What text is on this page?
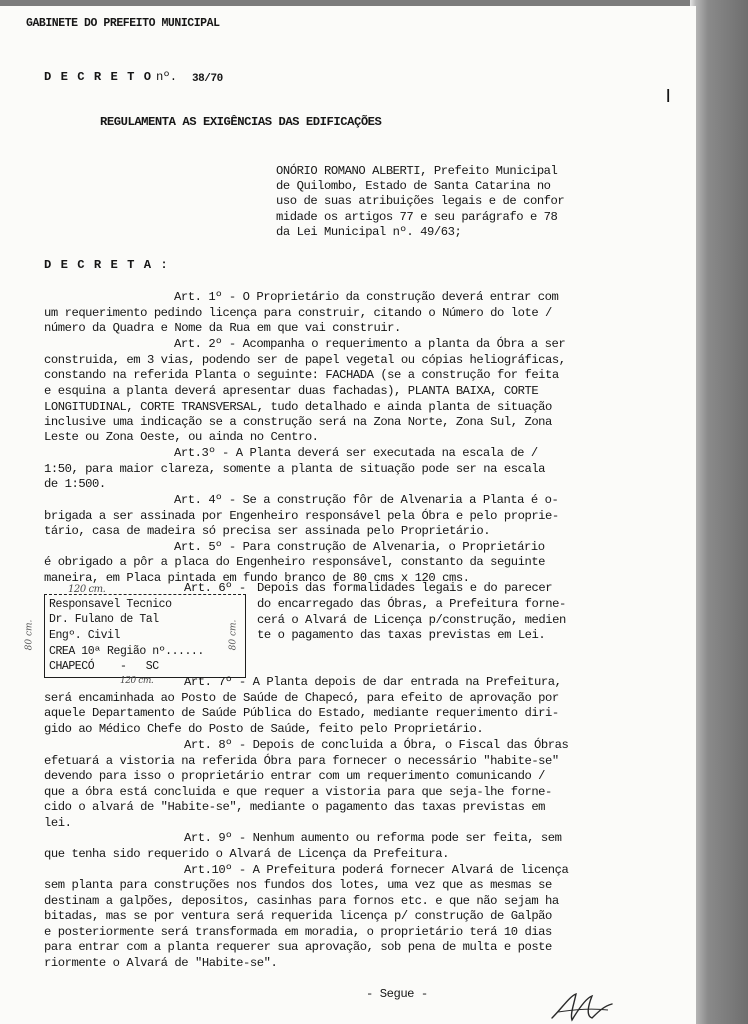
GABINETE DO PREFEITO MUNICIPAL
D E C R E T O nº. 38/70
|
REGULAMENTA AS EXIGÊNCIAS DAS EDIFICAÇÕES
ONÓRIO ROMANO ALBERTI, Prefeito Municipal
de Quilombo, Estado de Santa Catarina no
uso de suas atribuições legais e de confor
midade os artigos 77 e seu parágrafo e 78
da Lei Municipal nº. 49/63;
D E C R E T A :
Art. 1º - O Proprietário da construção deverá entrar com
um requerimento pedindo licença para construir, citando o Número do lote /
número da Quadra e Nome da Rua em que vai construir.
Art. 2º - Acompanha o requerimento a planta da Óbra a ser
construida, em 3 vias, podendo ser de papel vegetal ou cópias heliográficas,
constando na referida Planta o seguinte: FACHADA (se a construção for feita
e esquina a planta deverá apresentar duas fachadas), PLANTA BAIXA, CORTE
LONGITUDINAL, CORTE TRANSVERSAL, tudo detalhado e ainda planta de situação
inclusive uma indicação se a construção será na Zona Norte, Zona Sul, Zona
Leste ou Zona Oeste, ou ainda no Centro.
Art.3º - A Planta deverá ser executada na escala de /
1:50, para maior clareza, somente a planta de situação pode ser na escala
de 1:500.
Art. 4º - Se a construção fôr de Alvenaria a Planta é o-
brigada a ser assinada por Engenheiro responsável pela Óbra e pelo proprie-
tário, casa de madeira só precisa ser assinada pelo Proprietário.
Art. 5º - Para construção de Alvenaria, o Proprietário
é obrigado a pôr a placa do Engenheiro responsável, constanto da seguinte
maneira, em Placa pintada em fundo branco de 80 cms x 120 cms.
120 cm.
Responsavel Tecnico
Dr. Fulano de Tal
Engº. Civil
CREA 10ª Região nº......
CHAPECÓ    -   SC
80 cm.	80 cm.
120 cm.
Art. 6º - Depois das formalidades legais e do parecer
do encarregado das Óbras, a Prefeitura forne-
cerá o Alvará de Licença p/construção, medien
te o pagamento das taxas previstas em Lei.
Art. 7º - A Planta depois de dar entrada na Prefeitura,
será encaminhada ao Posto de Saúde de Chapecó, para efeito de aprovação por
aquele Departamento de Saúde Pública do Estado, mediante requerimento diri-
gido ao Médico Chefe do Posto de Saúde, feito pelo Proprietário.
Art. 8º - Depois de concluida a Óbra, o Fiscal das Óbras
efetuará a vistoria na referida Óbra para fornecer o necessário "habite-se"
devendo para isso o proprietário entrar com um requerimento comunicando /
que a óbra está concluida e que requer a vistoria para que seja-lhe forne-
cido o alvará de "Habite-se", mediante o pagamento das taxas previstas em
lei.
Art. 9º - Nenhum aumento ou reforma pode ser feita, sem
que tenha sido requerido o Alvará de Licença da Prefeitura.
Art.10º - A Prefeitura poderá fornecer Alvará de licença
sem planta para construções nos fundos dos lotes, uma vez que as mesmas se
destinam a galpões, depositos, casinhas para fornos etc. e que não sejam ha
bitadas, mas se por ventura será requerida licença p/ construção de Galpão
e posteriormente será transformada em moradia, o proprietário terá 10 dias
para entrar com a planta requerer sua aprovação, sob pena de multa e poste
riormente o Alvará de "Habite-se".
- Segue -
